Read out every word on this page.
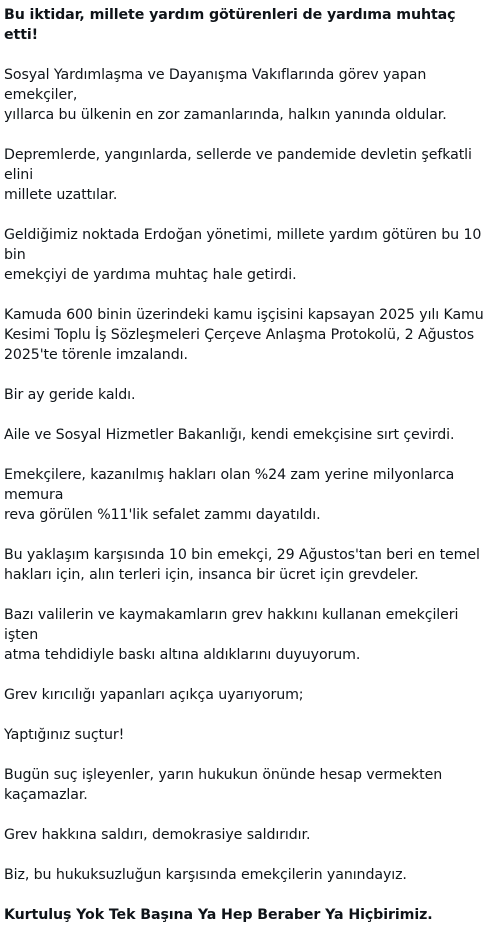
Bu iktidar, millete yardım götürenleri de yardıma muhtaç etti!

Sosyal Yardımlaşma ve Dayanışma Vakıflarında görev yapan emekçiler,
yıllarca bu ülkenin en zor zamanlarında, halkın yanında oldular.

Depremlerde, yangınlarda, sellerde ve pandemide devletin şefkatli elini
millete uzattılar.

Geldiğimiz noktada Erdoğan yönetimi, millete yardım götüren bu 10 bin
emekçiyi de yardıma muhtaç hale getirdi.

Kamuda 600 binin üzerindeki kamu işçisini kapsayan 2025 yılı Kamu
Kesimi Toplu İş Sözleşmeleri Çerçeve Anlaşma Protokolü, 2 Ağustos
2025'te törenle imzalandı.

Bir ay geride kaldı.

Aile ve Sosyal Hizmetler Bakanlığı, kendi emekçisine sırt çevirdi.

Emekçilere, kazanılmış hakları olan %24 zam yerine milyonlarca memura
reva görülen %11'lik sefalet zammı dayatıldı.

Bu yaklaşım karşısında 10 bin emekçi, 29 Ağustos'tan beri en temel
hakları için, alın terleri için, insanca bir ücret için grevdeler.

Bazı valilerin ve kaymakamların grev hakkını kullanan emekçileri işten
atma tehdidiyle baskı altına aldıklarını duyuyorum.

Grev kırıcılığı yapanları açıkça uyarıyorum;

Yaptığınız suçtur!

Bugün suç işleyenler, yarın hukukun önünde hesap vermekten
kaçamazlar.

Grev hakkına saldırı, demokrasiye saldırıdır.

Biz, bu hukuksuzluğun karşısında emekçilerin yanındayız.

Kurtuluş Yok Tek Başına Ya Hep Beraber Ya Hiçbirimiz.
